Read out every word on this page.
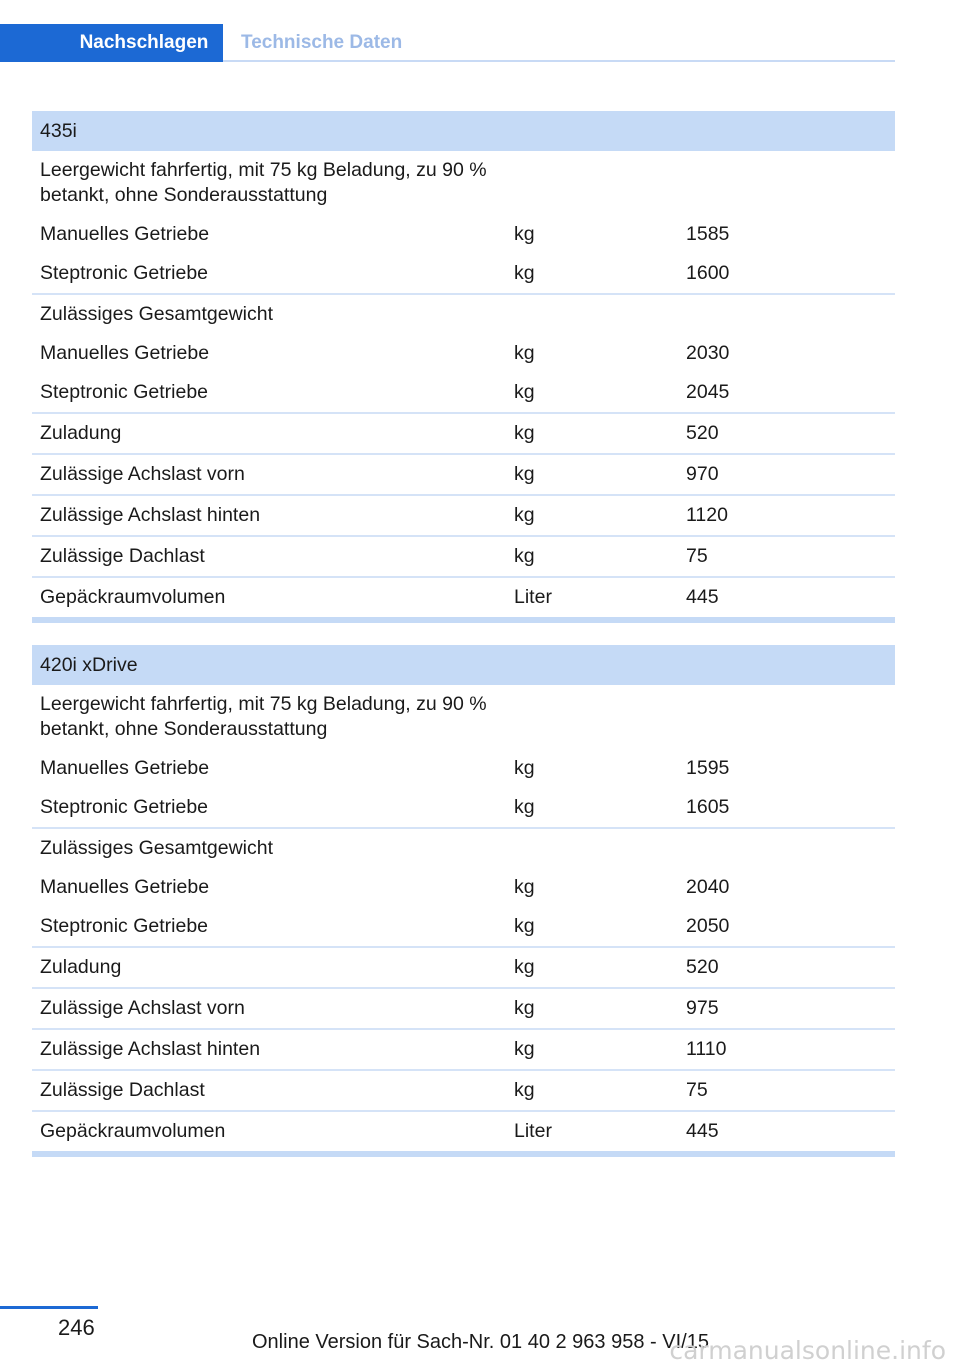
Nachschlagen	Technische Daten
435i		
Leergewicht fahrfertig, mit 75 kg Beladung, zu 90 % betankt, ohne Sonderausstattung		
Manuelles Getriebe	kg	1585
Steptronic Getriebe	kg	1600
Zulässiges Gesamtgewicht		
Manuelles Getriebe	kg	2030
Steptronic Getriebe	kg	2045
Zuladung	kg	520
Zulässige Achslast vorn	kg	970
Zulässige Achslast hinten	kg	1120
Zulässige Dachlast	kg	75
Gepäckraumvolumen	Liter	445
420i xDrive		
Leergewicht fahrfertig, mit 75 kg Beladung, zu 90 % betankt, ohne Sonderausstattung		
Manuelles Getriebe	kg	1595
Steptronic Getriebe	kg	1605
Zulässiges Gesamtgewicht		
Manuelles Getriebe	kg	2040
Steptronic Getriebe	kg	2050
Zuladung	kg	520
Zulässige Achslast vorn	kg	975
Zulässige Achslast hinten	kg	1110
Zulässige Dachlast	kg	75
Gepäckraumvolumen	Liter	445
246
Online Version für Sach-Nr. 01 40 2 963 958 - VI/15
carmanualsonline.info
